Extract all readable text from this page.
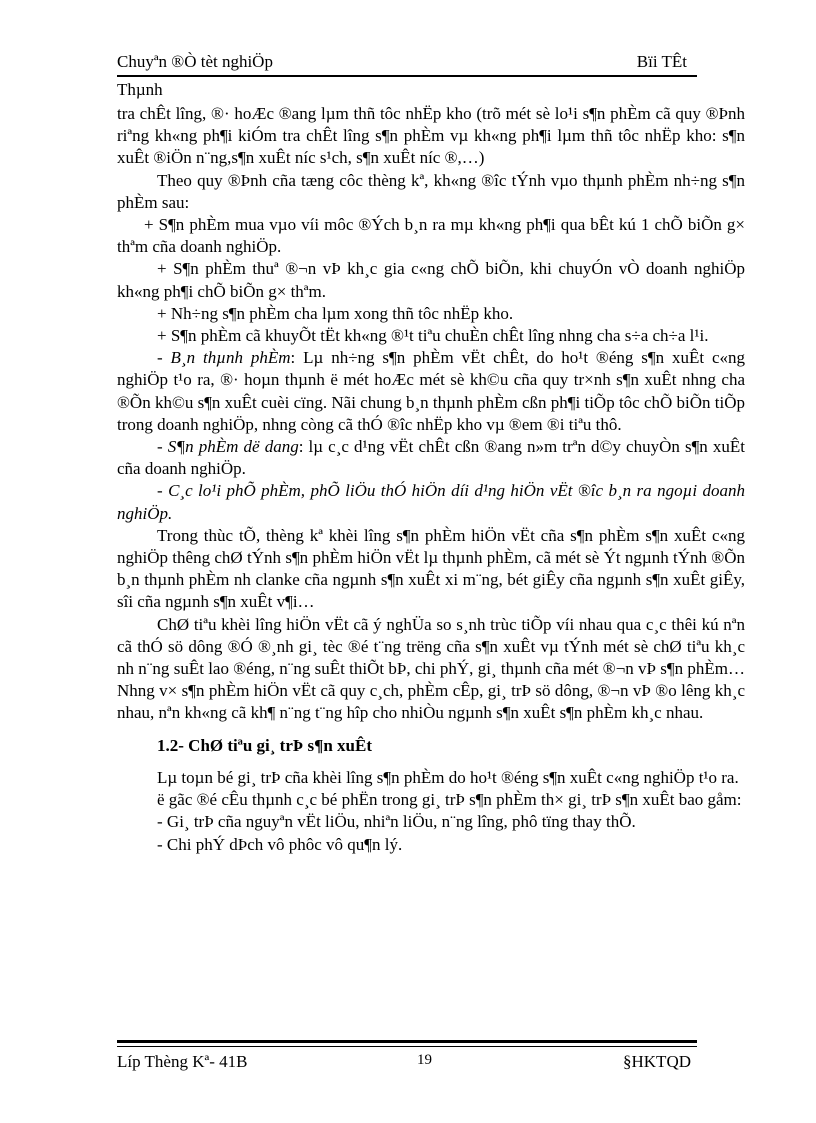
Chuyªn ®Ò tèt nghiÖp	Bïi TÊt
Thµnh

tra chÊt lîng, ®· hoÆc ®ang lµm thñ tôc nhËp kho (trõ mét sè lo¹i s¶n phÈm cã quy ®Þnh riªng kh«ng ph¶i kiÓm tra chÊt lîng s¶n phÈm vµ kh«ng ph¶i lµm thñ tôc nhËp kho: s¶n xuÊt ®iÖn n¨ng,s¶n xuÊt níc s¹ch, s¶n xuÊt níc ®,…)

Theo quy ®Þnh cña tæng côc thèng kª, kh«ng ®îc tÝnh vµo thµnh phÈm nh÷ng s¶n phÈm sau:

+ S¶n phÈm mua vµo víi môc ®Ých b¸n ra mµ kh«ng ph¶i qua bÊt kú 1 chÕ biÕn g× thªm cña doanh nghiÖp.

+ S¶n phÈm thuª ®¬n vÞ kh¸c gia c«ng chÕ biÕn, khi chuyÓn vÒ doanh nghiÖp kh«ng ph¶i chÕ biÕn g× thªm.

+ Nh÷ng s¶n phÈm cha lµm xong thñ tôc nhËp kho.

+ S¶n phÈm cã khuyÕt tËt kh«ng ®¹t tiªu chuÈn chÊt lîng nhng cha s÷a ch÷a l¹i.

- B¸n thµnh phÈm: Lµ nh÷ng s¶n phÈm vËt chÊt, do ho¹t ®éng s¶n xuÊt c«ng nghiÖp t¹o ra, ®· hoµn thµnh ë mét hoÆc mét sè kh©u cña quy tr×nh s¶n xuÊt nhng cha ®Õn kh©u s¶n xuÊt cuèi cïng. Nãi chung b¸n thµnh phÈm cßn ph¶i tiÕp tôc chÕ biÕn tiÕp trong doanh nghiÖp, nhng còng cã thÓ ®îc nhËp kho vµ ®em ®i tiªu thô.

- S¶n phÈm dë dang: lµ c¸c d¹ng vËt chÊt cßn ®ang n»m trªn d©y chuyÒn s¶n xuÊt cña doanh nghiÖp.

- C¸c lo¹i phÕ phÈm, phÕ liÖu thÓ hiÖn díi d¹ng hiÖn vËt ®îc b¸n ra ngoµi doanh nghiÖp.

Trong thùc tÕ, thèng kª khèi lîng s¶n phÈm hiÖn vËt cña s¶n phÈm s¶n xuÊt c«ng nghiÖp thêng chØ tÝnh s¶n phÈm hiÖn vËt lµ thµnh phÈm, cã mét sè Ýt ngµnh tÝnh ®Õn b¸n thµnh phÈm nh clanke cña ngµnh s¶n xuÊt xi m¨ng, bét giÊy cña ngµnh s¶n xuÊt giÊy, sîi cña ngµnh s¶n xuÊt v¶i…

ChØ tiªu khèi lîng hiÖn vËt cã ý nghÜa so s¸nh trùc tiÕp víi nhau qua c¸c thêi kú nªn cã thÓ sö dông ®Ó ®¸nh gi¸ tèc ®é t¨ng trëng cña s¶n xuÊt vµ tÝnh mét sè chØ tiªu kh¸c nh n¨ng suÊt lao ®éng, n¨ng suÊt thiÕt bÞ, chi phÝ, gi¸ thµnh cña mét ®¬n vÞ s¶n phÈm… Nhng v× s¶n phÈm hiÖn vËt cã quy c¸ch, phÈm cÊp, gi¸ trÞ sö dông, ®¬n vÞ ®o lêng kh¸c nhau, nªn kh«ng cã kh¶ n¨ng t¨ng hîp cho nhiÒu ngµnh s¶n xuÊt s¶n phÈm kh¸c nhau.

1.2- ChØ tiªu gi¸ trÞ s¶n xuÊt

Lµ toµn bé gi¸ trÞ cña khèi lîng s¶n phÈm do ho¹t ®éng s¶n xuÊt c«ng nghiÖp t¹o ra.

ë gãc ®é cÊu thµnh c¸c bé phËn trong gi¸ trÞ s¶n phÈm th× gi¸ trÞ s¶n xuÊt bao gåm:

- Gi¸ trÞ cña nguyªn vËt liÖu, nhiªn liÖu, n¨ng lîng, phô tïng thay thÕ.

- Chi phÝ dÞch vô phôc vô qu¶n lý.

Líp Thèng Kª- 41B	19	§HKTQD
